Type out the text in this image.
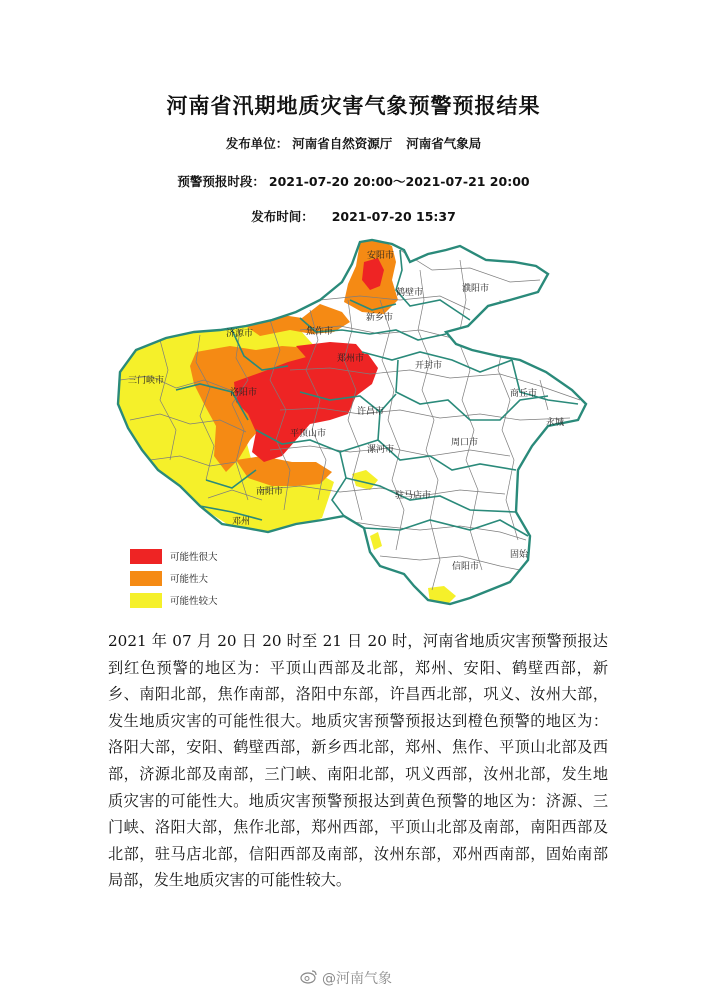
河南省汛期地质灾害气象预警预报结果
发布单位： 河南省自然资源厅 河南省气象局
预警预报时段： 2021-07-20 20:00～2021-07-21 20:00
发布时间： 2021-07-20 15:37
安阳市
鹤壁市	濮阳市
新乡市
济源市	焦作市
郑州市
开封市
三门峡市
洛阳市	商丘市
永城
许昌市
平顶山市
漯河市
周口市
南阳市	驻马店市
邓州
固始
信阳市
可能性很大
可能性大
可能性较大
2021 年 07 月 20 日 20 时至 21 日 20 时，河南省地质灾害预警预报达到红色预警的地区为：平顶山西部及北部，郑州、安阳、鹤壁西部，新乡、南阳北部，焦作南部，洛阳中东部，许昌西北部，巩义、汝州大部，发生地质灾害的可能性很大。地质灾害预警预报达到橙色预警的地区为：洛阳大部，安阳、鹤壁西部，新乡西北部，郑州、焦作、平顶山北部及西部，济源北部及南部，三门峡、南阳北部，巩义西部，汝州北部，发生地质灾害的可能性大。地质灾害预警预报达到黄色预警的地区为：济源、三门峡、洛阳大部，焦作北部，郑州西部，平顶山北部及南部，南阳西部及北部，驻马店北部，信阳西部及南部，汝州东部，邓州西南部，固始南部局部，发生地质灾害的可能性较大。
@河南气象
